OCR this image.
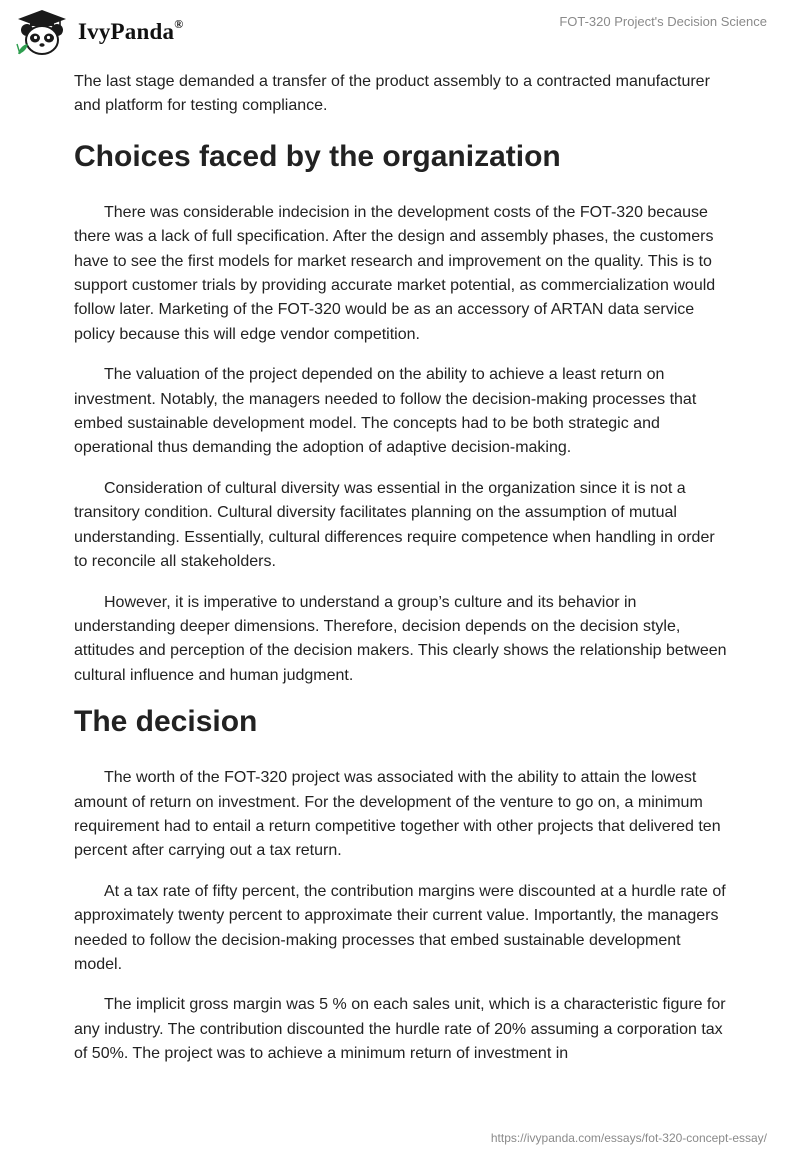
IvyPanda®	FOT-320 Project's Decision Science

The last stage demanded a transfer of the product assembly to a contracted manufacturer and platform for testing compliance.

Choices faced by the organization

There was considerable indecision in the development costs of the FOT-320 because there was a lack of full specification. After the design and assembly phases, the customers have to see the first models for market research and improvement on the quality. This is to support customer trials by providing accurate market potential, as commercialization would follow later. Marketing of the FOT-320 would be as an accessory of ARTAN data service policy because this will edge vendor competition.

The valuation of the project depended on the ability to achieve a least return on investment. Notably, the managers needed to follow the decision-making processes that embed sustainable development model. The concepts had to be both strategic and operational thus demanding the adoption of adaptive decision-making.

Consideration of cultural diversity was essential in the organization since it is not a transitory condition. Cultural diversity facilitates planning on the assumption of mutual understanding. Essentially, cultural differences require competence when handling in order to reconcile all stakeholders.

However, it is imperative to understand a group’s culture and its behavior in understanding deeper dimensions. Therefore, decision depends on the decision style, attitudes and perception of the decision makers. This clearly shows the relationship between cultural influence and human judgment.

The decision

The worth of the FOT-320 project was associated with the ability to attain the lowest amount of return on investment. For the development of the venture to go on, a minimum requirement had to entail a return competitive together with other projects that delivered ten percent after carrying out a tax return.

At a tax rate of fifty percent, the contribution margins were discounted at a hurdle rate of approximately twenty percent to approximate their current value. Importantly, the managers needed to follow the decision-making processes that embed sustainable development model.

The implicit gross margin was 5 % on each sales unit, which is a characteristic figure for any industry. The contribution discounted the hurdle rate of 20% assuming a corporation tax of 50%. The project was to achieve a minimum return of investment in

https://ivypanda.com/essays/fot-320-concept-essay/
